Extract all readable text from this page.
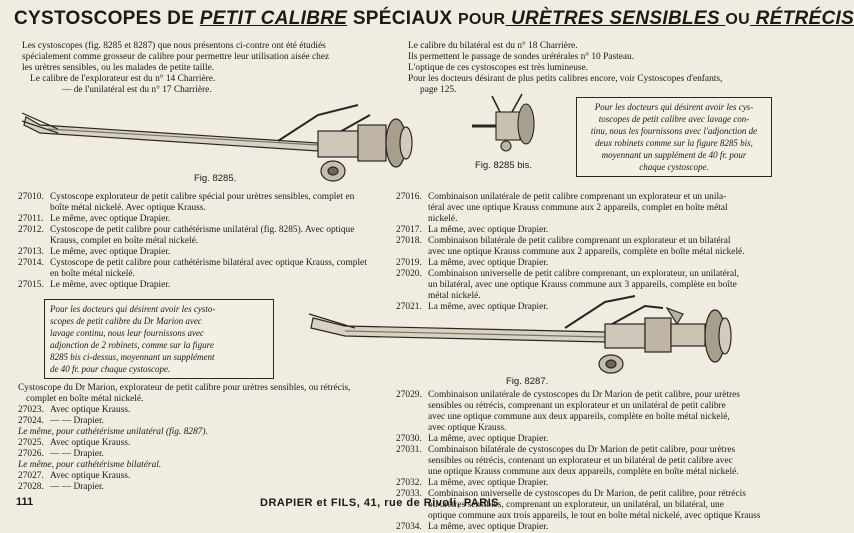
CYSTOSCOPES DE PETIT CALIBRE SPÉCIAUX POUR URÈTRES SENSIBLES OU RÉTRÉCIS
Les cystoscopes (fig. 8285 et 8287) que nous présentons ci-contre ont été étudiés
spécialement comme grosseur de calibre pour permettre leur utilisation aisée chez
les urètres sensibles, ou les malades de petite taille.
Le calibre de l'explorateur est du n° 14 Charrière.
— de l'unilatéral est du n° 17 Charrière.
Le calibre du bilatéral est du n° 18 Charrière.
Ils permettent le passage de sondes urétérales n° 10 Pasteau.
L'optique de ces cystoscopes est très lumineuse.
Pour les docteurs désirant de plus petits calibres encore, voir Cystoscopes d'enfants,
page 125.
Fig. 8285.
Fig. 8285 bis.
Pour les docteurs qui désirent avoir les cys-
toscopes de petit calibre avec lavage con-
tinu, nous les fournissons avec l'adjonction de
deux robinets comme sur la figure 8285 bis,
moyennant un supplément de 40 fr. pour
chaque cystoscope.
27010. Cystoscope explorateur de petit calibre spécial pour urètres sensibles, complet en
boîte métal nickelé. Avec optique Krauss.
27011. Le même, avec optique Drapier.
27012. Cystoscope de petit calibre pour cathétérisme unilatéral (fig. 8285). Avec optique
Krauss, complet en boîte métal nickelé.
27013. Le même, avec optique Drapier.
27014. Cystoscope de petit calibre pour cathétérisme bilatéral avec optique Krauss, complet
en boîte métal nickelé.
27015. Le même, avec optique Drapier.
27016. Combinaison unilatérale de petit calibre comprenant un explorateur et un unila-
téral avec une optique Krauss commune aux 2 appareils, complet en boîte métal
nickelé.
27017. La même, avec optique Drapier.
27018. Combinaison bilatérale de petit calibre comprenant un explorateur et un bilatéral
avec une optique Krauss commune aux 2 appareils, complète en boîte métal nickelé.
27019. La même, avec optique Drapier.
27020. Combinaison universelle de petit calibre comprenant, un explorateur, un unilatéral,
un bilatéral, avec une optique Krauss commune aux 3 appareils, complète en boîte
métal nickelé.
27021. La même, avec optique Drapier.
Pour les docteurs qui désirent avoir les cysto-
scopes de petit calibre du Dr Marion avec
lavage continu, nous leur fournissons avec
adjonction de 2 robinets, comme sur la figure
8285 bis ci-dessus, moyennant un supplément
de 40 fr. pour chaque cystoscope.
Fig. 8287.
Cystoscope du Dr Marion, explorateur de petit calibre pour urètres sensibles, ou rétrécis,
complet en boîte métal nickelé.
27023. Avec optique Krauss.
27024. — — Drapier.
Le même, pour cathétérisme unilatéral (fig. 8287).
27025. Avec optique Krauss.
27026. — — Drapier.
Le même, pour cathétérisme bilatéral.
27027. Avec optique Krauss.
27028. — — Drapier.
27029. Combinaison unilatérale de cystoscopes du Dr Marion de petit calibre, pour urètres
sensibles ou rétrécis, comprenant un explorateur et un unilatéral de petit calibre
avec une optique commune aux deux appareils, complète en boîte métal nickelé,
avec optique Krauss.
27030. La même, avec optique Drapier.
27031. Combinaison bilatérale de cystoscopes du Dr Marion de petit calibre, pour urètres
sensibles ou rétrécis, contenant un explorateur et un bilatéral de petit calibre avec
une optique Krauss commune aux deux appareils, complète en boîte métal nickelé.
27032. La même, avec optique Drapier.
27033. Combinaison universelle de cystoscopes du Dr Marion, de petit calibre, pour rétrécis
ou urètres sensibles, comprenant un explorateur, un unilatéral, un bilatéral, une
optique commune aux trois appareils, le tout en boîte métal nickelé, avec optique Krauss
27034. La même, avec optique Drapier.
111	DRAPIER et FILS, 41, rue de Rivoli, PARIS
